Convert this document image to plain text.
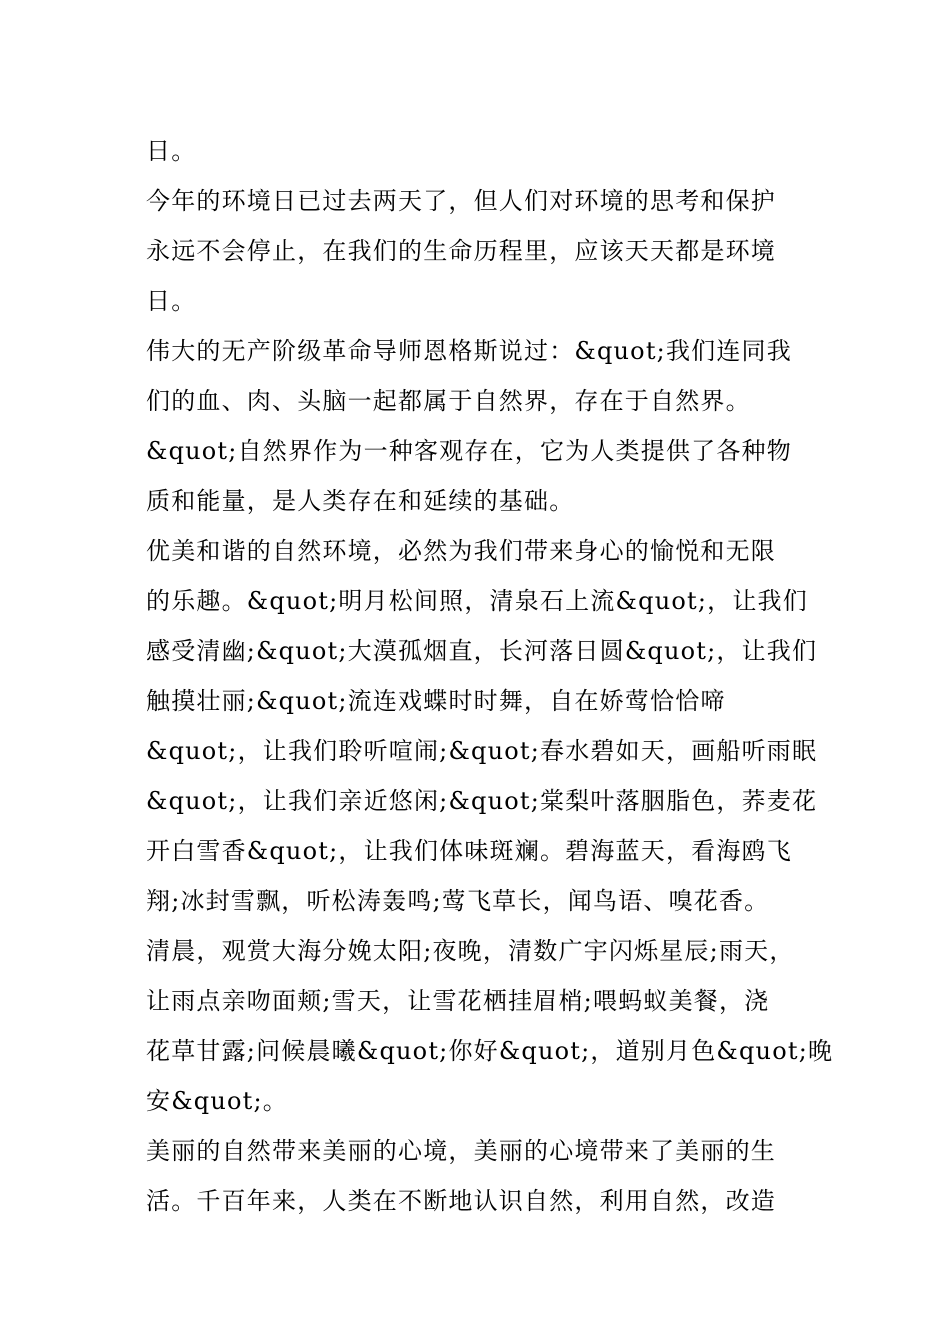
日。
今年的环境日已过去两天了，但人们对环境的思考和保护
永远不会停止，在我们的生命历程里，应该天天都是环境
日。
伟大的无产阶级革命导师恩格斯说过：&quot;我们连同我
们的血、肉、头脑一起都属于自然界，存在于自然界。
&quot;自然界作为一种客观存在，它为人类提供了各种物
质和能量，是人类存在和延续的基础。
优美和谐的自然环境，必然为我们带来身心的愉悦和无限
的乐趣。&quot;明月松间照，清泉石上流&quot;，让我们
感受清幽;&quot;大漠孤烟直，长河落日圆&quot;，让我们
触摸壮丽;&quot;流连戏蝶时时舞，自在娇莺恰恰啼
&quot;，让我们聆听喧闹;&quot;春水碧如天，画船听雨眠
&quot;，让我们亲近悠闲;&quot;棠梨叶落胭脂色，荞麦花
开白雪香&quot;，让我们体味斑斓。碧海蓝天，看海鸥飞
翔;冰封雪飘，听松涛轰鸣;莺飞草长，闻鸟语、嗅花香。
清晨，观赏大海分娩太阳;夜晚，清数广宇闪烁星辰;雨天，
让雨点亲吻面颊;雪天，让雪花栖挂眉梢;喂蚂蚁美餐，浇
花草甘露;问候晨曦&quot;你好&quot;，道别月色&quot;晚
安&quot;。
美丽的自然带来美丽的心境，美丽的心境带来了美丽的生
活。千百年来，人类在不断地认识自然，利用自然，改造
